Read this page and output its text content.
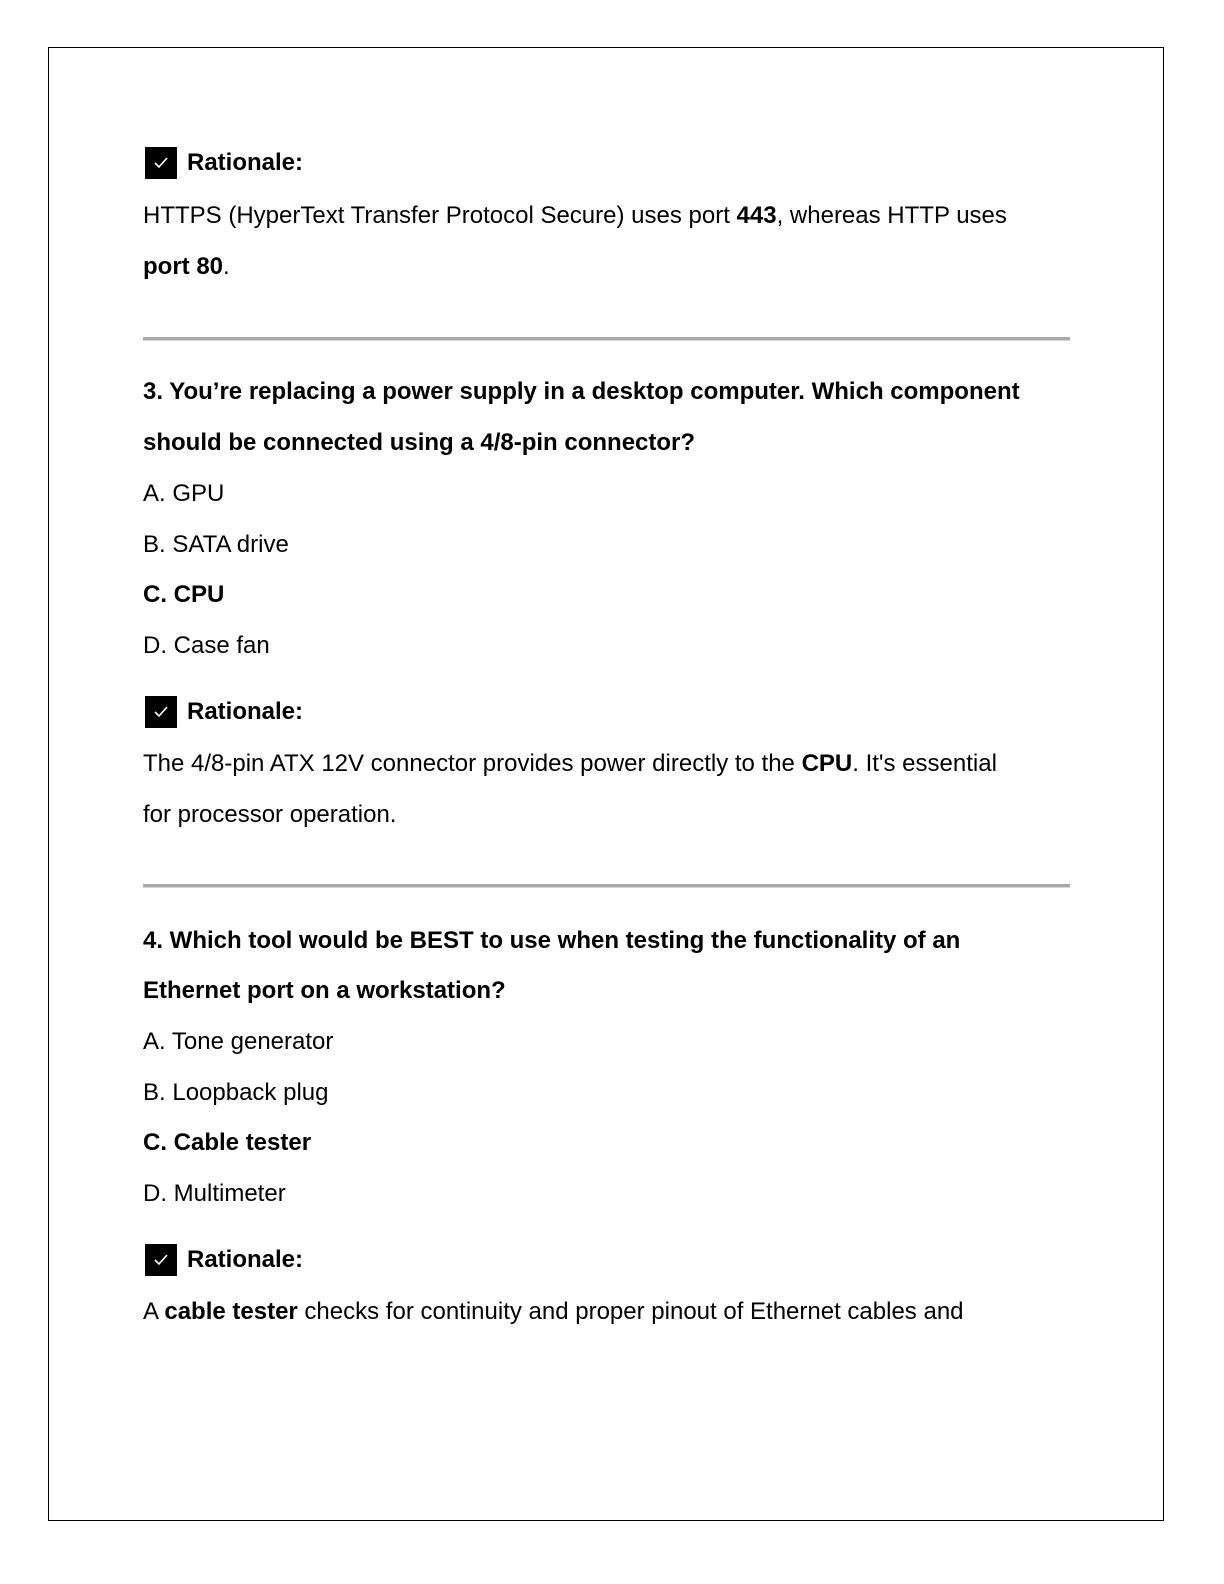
Rationale:
HTTPS (HyperText Transfer Protocol Secure) uses port 443, whereas HTTP uses
port 80.
3. You’re replacing a power supply in a desktop computer. Which component
should be connected using a 4/8-pin connector?
A. GPU
B. SATA drive
C. CPU
D. Case fan
Rationale:
The 4/8-pin ATX 12V connector provides power directly to the CPU. It's essential
for processor operation.
4. Which tool would be BEST to use when testing the functionality of an
Ethernet port on a workstation?
A. Tone generator
B. Loopback plug
C. Cable tester
D. Multimeter
Rationale:
A cable tester checks for continuity and proper pinout of Ethernet cables and
